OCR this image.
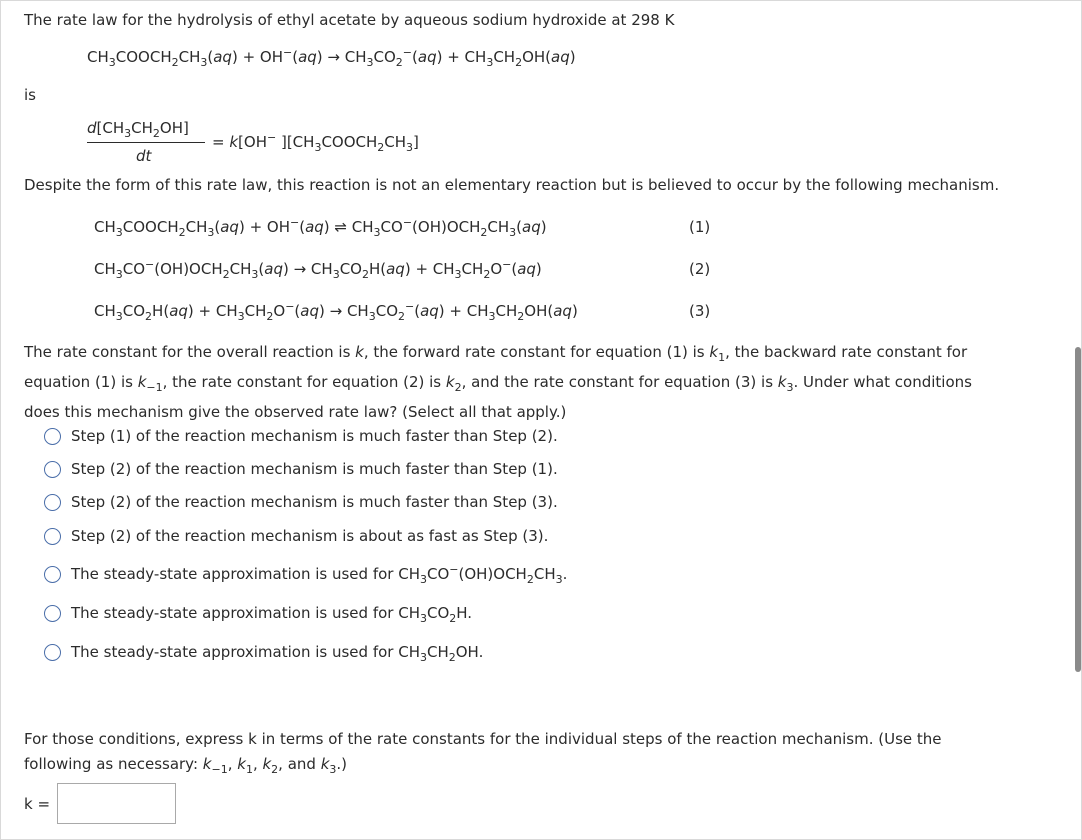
The rate law for the hydrolysis of ethyl acetate by aqueous sodium hydroxide at 298 K
$CH_3COOCH_2CH_3(aq) + OH^-(aq) \to CH_3CO_2^-(aq) + CH_3CH_2OH(aq)$
is
$d[CH_3CH_2OH]$
dt
= k[OH− ]$[CH_3COOCH_2CH_3]$
Despite the form of this rate law, this reaction is not an elementary reaction but is believed to occur by the following mechanism.
$CH_3COOCH_2CH_3(aq) + OH^-(aq)$ ⇌ $CH_3CO^-(OH)OCH_2CH_3(aq)$	(1)
$CH_3CO^-(OH)OCH_2CH_3(aq) \to CH_3CO_2H(aq) + CH_3CH_2O^-(aq)$	(2)
$CH_3CO_2H(aq) + CH_3CH_2O^-(aq) \to CH_3CO_2^-(aq) + CH_3CH_2OH(aq)$	(3)
The rate constant for the overall reaction is k, the forward rate constant for equation (1) is $k_1$, the backward rate constant for
equation (1) is $k_{-1}$, the rate constant for equation (2) is $k_2$, and the rate constant for equation (3) is $k_3$. Under what conditions
does this mechanism give the observed rate law? (Select all that apply.)
Step (1) of the reaction mechanism is much faster than Step (2).
Step (2) of the reaction mechanism is much faster than Step (1).
Step (2) of the reaction mechanism is much faster than Step (3).
Step (2) of the reaction mechanism is about as fast as Step (3).
The steady-state approximation is used for $CH_3CO^-(OH)OCH_2CH_3$.
The steady-state approximation is used for $CH_3CO_2H$.
The steady-state approximation is used for $CH_3CH_2OH$.
For those conditions, express k in terms of the rate constants for the individual steps of the reaction mechanism. (Use the
following as necessary: $k_{-1}$, $k_1$, $k_2$, and $k_3$.)
k =
